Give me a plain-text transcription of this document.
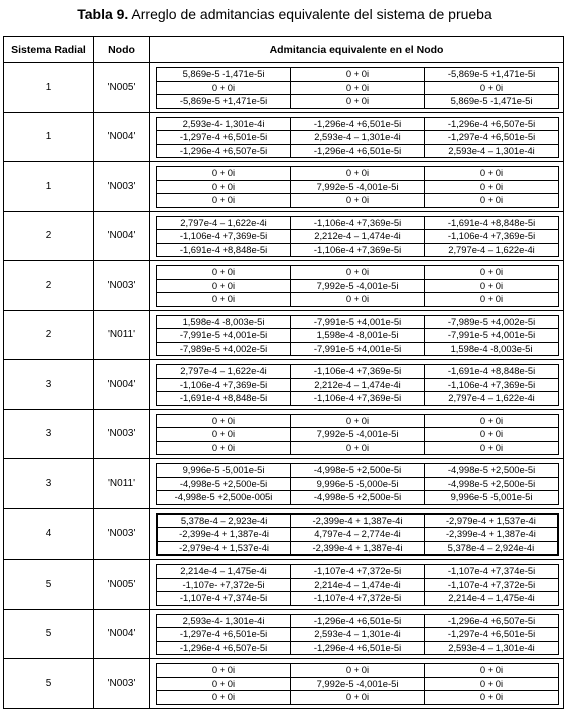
Tabla 9. Arreglo de admitancias equivalente del sistema de prueba
Sistema Radial	Nodo	Admitancia equivalente en el Nodo
1	'N005'	
5,869e-5 -1,471e-5i	0 + 0i	-5,869e-5 +1,471e-5i
0 + 0i	0 + 0i	0 + 0i
-5,869e-5 +1,471e-5i	0 + 0i	5,869e-5 -1,471e-5i

1	'N004'	
2,593e-4- 1,301e-4i	-1,296e-4 +6,501e-5i	-1,296e-4 +6,507e-5i
-1,297e-4 +6,501e-5i	2,593e-4 – 1,301e-4i	-1,297e-4 +6,501e-5i
-1,296e-4 +6,507e-5i	-1,296e-4 +6,501e-5i	2,593e-4 – 1,301e-4i

1	'N003'	
0 + 0i	0 + 0i	0 + 0i
0 + 0i	7,992e-5 -4,001e-5i	0 + 0i
0 + 0i	0 + 0i	0 + 0i

2	'N004'	
2,797e-4 – 1,622e-4i	-1,106e-4 +7,369e-5i	-1,691e-4 +8,848e-5i
-1,106e-4 +7,369e-5i	2,212e-4 – 1,474e-4i	-1,106e-4 +7,369e-5i
-1,691e-4 +8,848e-5i	-1,106e-4 +7,369e-5i	2,797e-4 – 1,622e-4i

2	'N003'	
0 + 0i	0 + 0i	0 + 0i
0 + 0i	7,992e-5 -4,001e-5i	0 + 0i
0 + 0i	0 + 0i	0 + 0i

2	'N011'	
1,598e-4 -8,003e-5i	-7,991e-5 +4,001e-5i	-7,989e-5 +4,002e-5i
-7,991e-5 +4,001e-5i	1,598e-4 -8,001e-5i	-7,991e-5 +4,001e-5i
-7,989e-5 +4,002e-5i	-7,991e-5 +4,001e-5i	1,598e-4 -8,003e-5i

3	'N004'	
2,797e-4 – 1,622e-4i	-1,106e-4 +7,369e-5i	-1,691e-4 +8,848e-5i
-1,106e-4 +7,369e-5i	2,212e-4 – 1,474e-4i	-1,106e-4 +7,369e-5i
-1,691e-4 +8,848e-5i	-1,106e-4 +7,369e-5i	2,797e-4 – 1,622e-4i

3	'N003'	
0 + 0i	0 + 0i	0 + 0i
0 + 0i	7,992e-5 -4,001e-5i	0 + 0i
0 + 0i	0 + 0i	0 + 0i

3	'N011'	
9,996e-5 -5,001e-5i	-4,998e-5 +2,500e-5i	-4,998e-5 +2,500e-5i
-4,998e-5 +2,500e-5i	9,996e-5 -5,000e-5i	-4,998e-5 +2,500e-5i
-4,998e-5 +2,500e-005i	-4,998e-5 +2,500e-5i	9,996e-5 -5,001e-5i

4	'N003'	
5,378e-4 – 2,923e-4i	-2,399e-4 + 1,387e-4i	-2,979e-4 + 1,537e-4i
-2,399e-4 + 1,387e-4i	4,797e-4 – 2,774e-4i	-2,399e-4 + 1,387e-4i
-2,979e-4 + 1,537e-4i	-2,399e-4 + 1,387e-4i	5,378e-4 – 2,924e-4i

5	'N005'	
2,214e-4 – 1,475e-4i	-1,107e-4 +7,372e-5i	-1,107e-4 +7,374e-5i
-1,107e- +7,372e-5i	2,214e-4 – 1,474e-4i	-1,107e-4 +7,372e-5i
-1,107e-4 +7,374e-5i	-1,107e-4 +7,372e-5i	2,214e-4 – 1,475e-4i

5	'N004'	
2,593e-4- 1,301e-4i	-1,296e-4 +6,501e-5i	-1,296e-4 +6,507e-5i
-1,297e-4 +6,501e-5i	2,593e-4 – 1,301e-4i	-1,297e-4 +6,501e-5i
-1,296e-4 +6,507e-5i	-1,296e-4 +6,501e-5i	2,593e-4 – 1,301e-4i

5	'N003'	
0 + 0i	0 + 0i	0 + 0i
0 + 0i	7,992e-5 -4,001e-5i	0 + 0i
0 + 0i	0 + 0i	0 + 0i
